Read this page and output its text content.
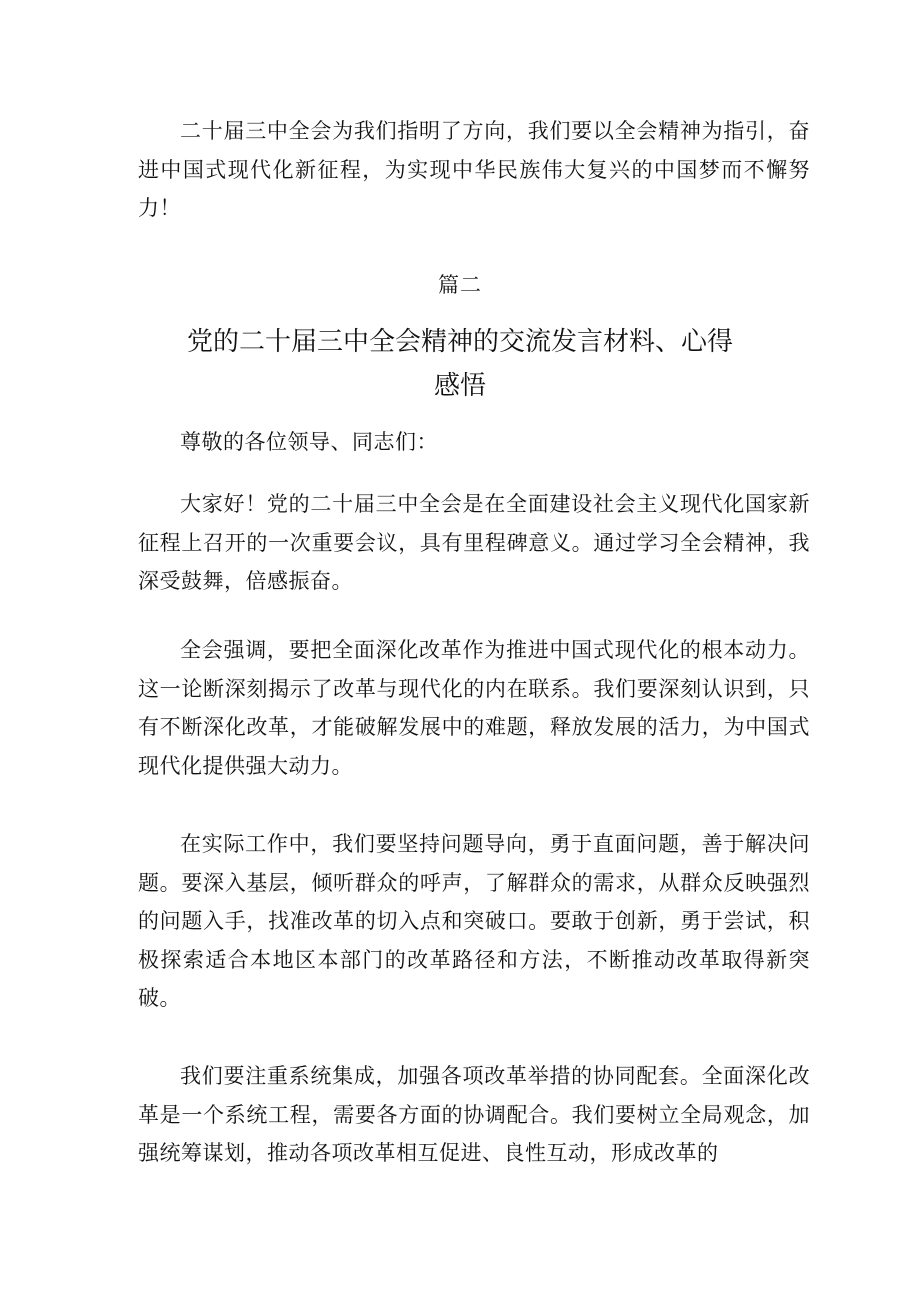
二十届三中全会为我们指明了方向，我们要以全会精神为指引，奋进中国式现代化新征程，为实现中华民族伟大复兴的中国梦而不懈努力！

篇二

党的二十届三中全会精神的交流发言材料、心得感悟

尊敬的各位领导、同志们：

大家好！党的二十届三中全会是在全面建设社会主义现代化国家新征程上召开的一次重要会议，具有里程碑意义。通过学习全会精神，我深受鼓舞，倍感振奋。

全会强调，要把全面深化改革作为推进中国式现代化的根本动力。这一论断深刻揭示了改革与现代化的内在联系。我们要深刻认识到，只有不断深化改革，才能破解发展中的难题，释放发展的活力，为中国式现代化提供强大动力。

在实际工作中，我们要坚持问题导向，勇于直面问题，善于解决问题。要深入基层，倾听群众的呼声，了解群众的需求，从群众反映强烈的问题入手，找准改革的切入点和突破口。要敢于创新，勇于尝试，积极探索适合本地区本部门的改革路径和方法，不断推动改革取得新突破。

我们要注重系统集成，加强各项改革举措的协同配套。全面深化改革是一个系统工程，需要各方面的协调配合。我们要树立全局观念，加强统筹谋划，推动各项改革相互促进、良性互动，形成改革的
